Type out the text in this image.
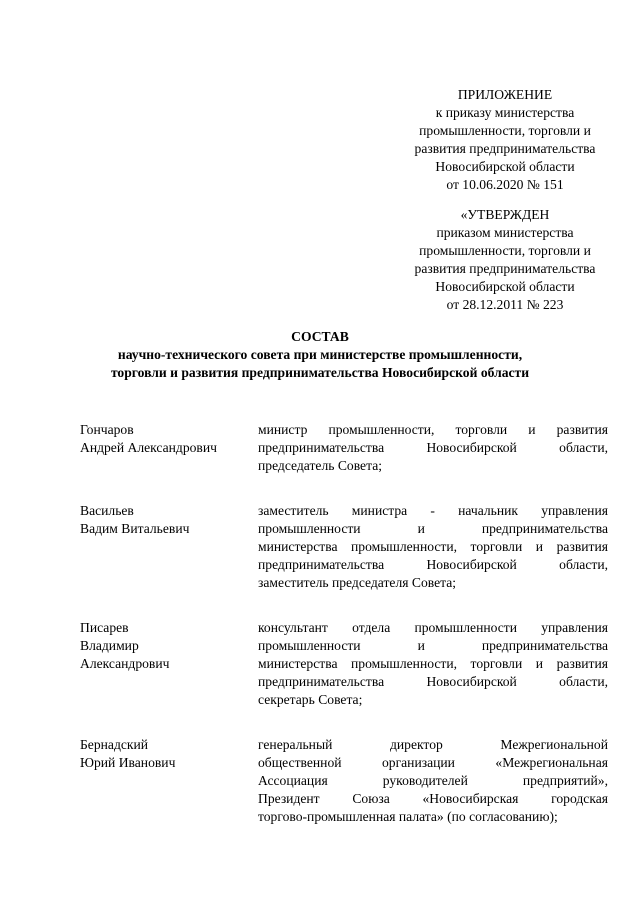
ПРИЛОЖЕНИЕ
к приказу министерства
промышленности, торговли и
развития предпринимательства
Новосибирской области
от 10.06.2020 № 151
«УТВЕРЖДЕН
приказом министерства
промышленности, торговли и
развития предпринимательства
Новосибирской области
от 28.12.2011 № 223
СОСТАВ
научно-технического совета при министерстве промышленности,
торговли и развития предпринимательства Новосибирской области
Гончаров
Андрей Александрович
министр промышленности, торговли и развития
предпринимательства Новосибирской области,
председатель Совета;
Васильев
Вадим Витальевич
заместитель министра - начальник управления
промышленности и предпринимательства
министерства промышленности, торговли и развития
предпринимательства Новосибирской области,
заместитель председателя Совета;
Писарев
Владимир
Александрович
консультант отдела промышленности управления
промышленности и предпринимательства
министерства промышленности, торговли и развития
предпринимательства Новосибирской области,
секретарь Совета;
Бернадский
Юрий Иванович
генеральный директор Межрегиональной
общественной организации «Межрегиональная
Ассоциация руководителей предприятий»,
Президент Союза «Новосибирская городская
торгово-промышленная палата» (по согласованию);
